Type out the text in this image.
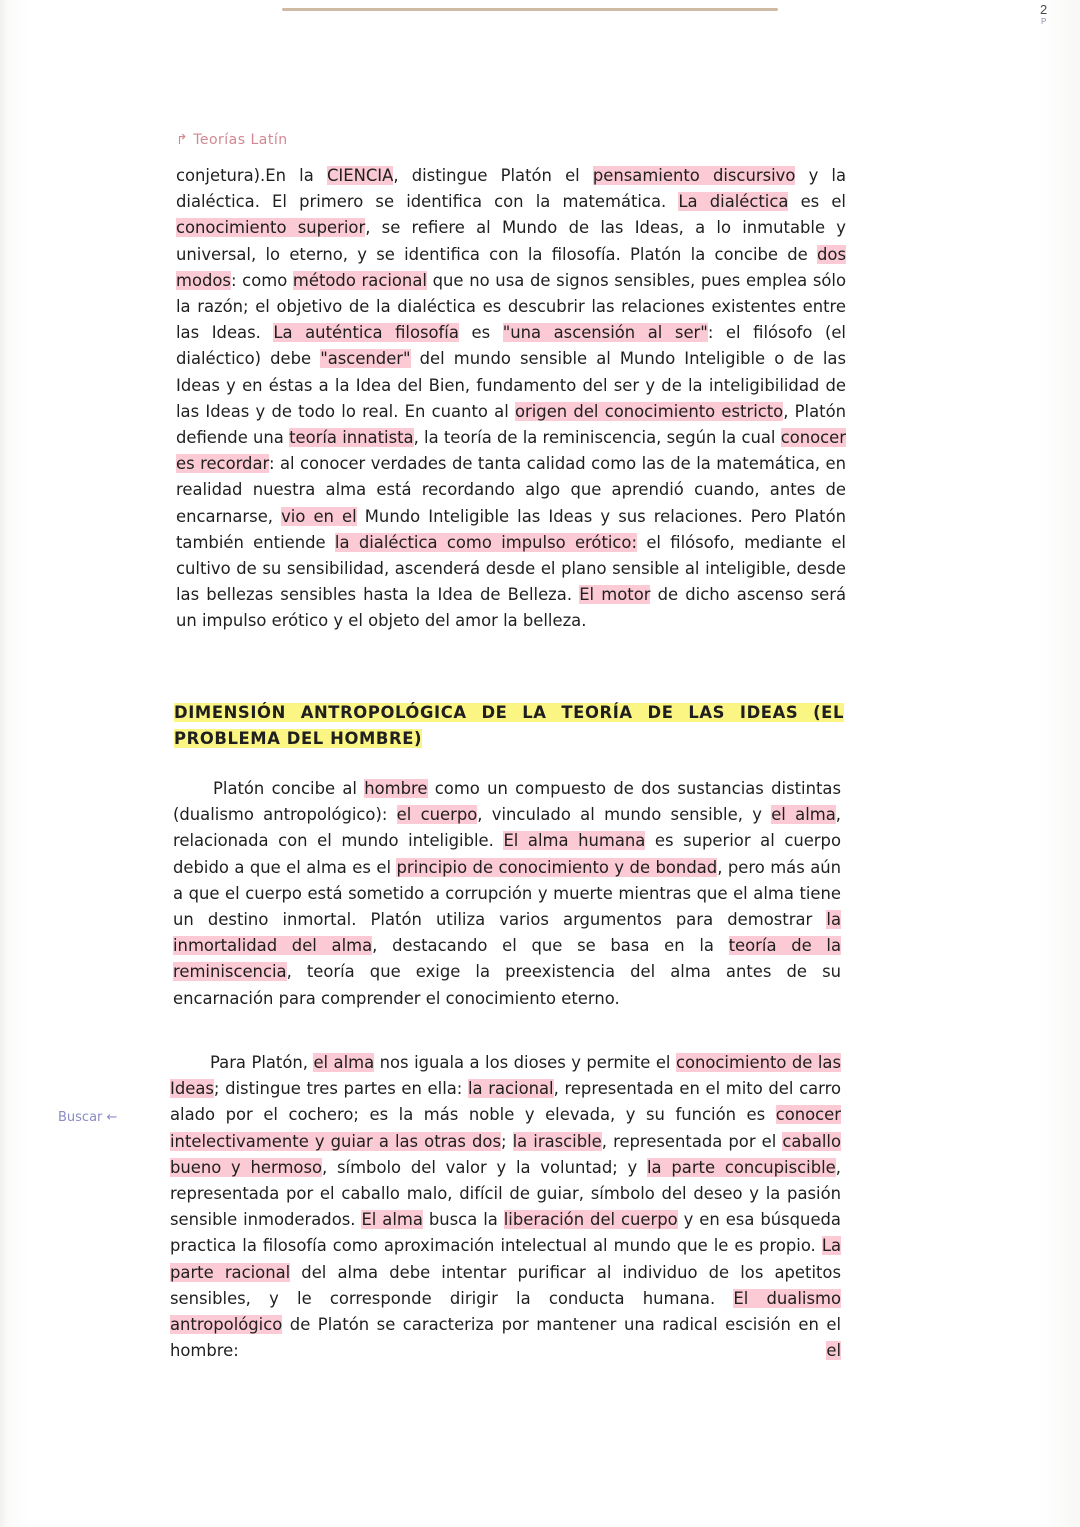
2
P
↱ Teorías Latín
Buscar ←

conjetura).En la CIENCIA, distingue Platón el pensamiento discursivo y la dialéctica. El primero se identifica con la matemática. La dialéctica es el conocimiento superior, se refiere al Mundo de las Ideas, a lo inmutable y universal, lo eterno, y se identifica con la filosofía. Platón la concibe de dos modos: como método racional que no usa de signos sensibles, pues emplea sólo la razón; el objetivo de la dialéctica es descubrir las relaciones existentes entre las Ideas. La auténtica filosofía es "una ascensión al ser": el filósofo (el dialéctico) debe "ascender" del mundo sensible al Mundo Inteligible o de las Ideas y en éstas a la Idea del Bien, fundamento del ser y de la inteligibilidad de las Ideas y de todo lo real. En cuanto al origen del conocimiento estricto, Platón defiende una teoría innatista, la teoría de la reminiscencia, según la cual conocer es recordar: al conocer verdades de tanta calidad como las de la matemática, en realidad nuestra alma está recordando algo que aprendió cuando, antes de encarnarse, vio en el Mundo Inteligible las Ideas y sus relaciones. Pero Platón también entiende la dialéctica como impulso erótico: el filósofo, mediante el cultivo de su sensibilidad, ascenderá desde el plano sensible al inteligible, desde las bellezas sensibles hasta la Idea de Belleza. El motor de dicho ascenso será un impulso erótico y el objeto del amor la belleza.

DIMENSIÓN ANTROPOLÓGICA DE LA TEORÍA DE LAS IDEAS (EL PROBLEMA DEL HOMBRE)

Platón concibe al hombre como un compuesto de dos sustancias distintas (dualismo antropológico): el cuerpo, vinculado al mundo sensible, y el alma, relacionada con el mundo inteligible. El alma humana es superior al cuerpo debido a que el alma es el principio de conocimiento y de bondad, pero más aún a que el cuerpo está sometido a corrupción y muerte mientras que el alma tiene un destino inmortal. Platón utiliza varios argumentos para demostrar la inmortalidad del alma, destacando el que se basa en la teoría de la reminiscencia, teoría que exige la preexistencia del alma antes de su encarnación para comprender el conocimiento eterno.

Para Platón, el alma nos iguala a los dioses y permite el conocimiento de las Ideas; distingue tres partes en ella: la racional, representada en el mito del carro alado por el cochero; es la más noble y elevada, y su función es conocer intelectivamente y guiar a las otras dos; la irascible, representada por el caballo bueno y hermoso, símbolo del valor y la voluntad; y la parte concupiscible, representada por el caballo malo, difícil de guiar, símbolo del deseo y la pasión sensible inmoderados. El alma busca la liberación del cuerpo y en esa búsqueda practica la filosofía como aproximación intelectual al mundo que le es propio. La parte racional del alma debe intentar purificar al individuo de los apetitos sensibles, y le corresponde dirigir la conducta humana. El dualismo antropológico de Platón se caracteriza por mantener una radical escisión en el hombre: el
